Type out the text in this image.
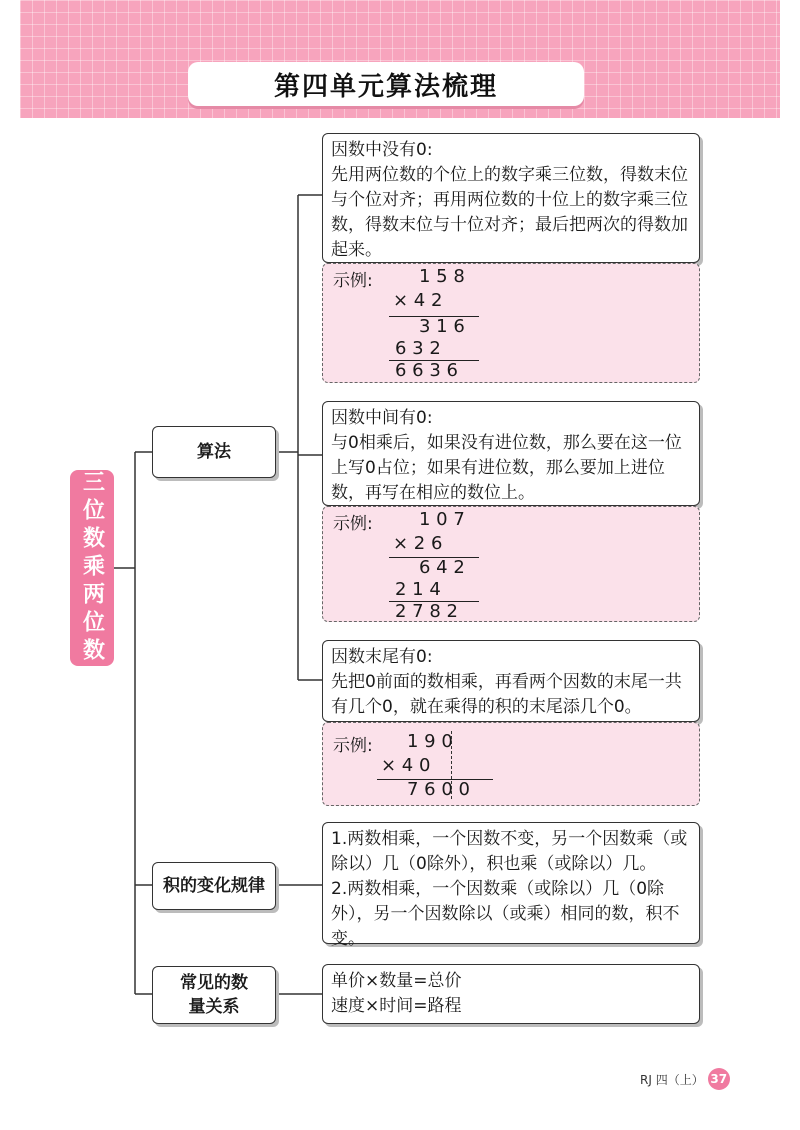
第四单元算法梳理
三位数乘两位数
算法
积的变化规律
常见的数量关系

因数中没有0:

先用两位数的个位上的数字乘三位数，得数末位与个位对齐；再用两位数的十位上的数字乘三位数，得数末位与十位对齐；最后把两次的得数加起来。

示例:	1 5 8
× 4 2
3 1 6
6 3 2
6 6 3 6

因数中间有0:

与0相乘后，如果没有进位数，那么要在这一位上写0占位；如果有进位数，那么要加上进位数，再写在相应的数位上。

示例:	1 0 7
× 2 6
6 4 2
2 1 4
2 7 8 2

因数末尾有0:

先把0前面的数相乘，再看两个因数的末尾一共有几个0，就在乘得的积的末尾添几个0。

示例: 1 9 0
× 4 0
7 6 0 0

1.两数相乘，一个因数不变，另一个因数乘（或除以）几（0除外），积也乘（或除以）几。

2.两数相乘，一个因数乘（或除以）几（0除外），另一个因数除以（或乘）相同的数，积不变。

单价×数量=总价

速度×时间=路程

RJ 四（上） 37
